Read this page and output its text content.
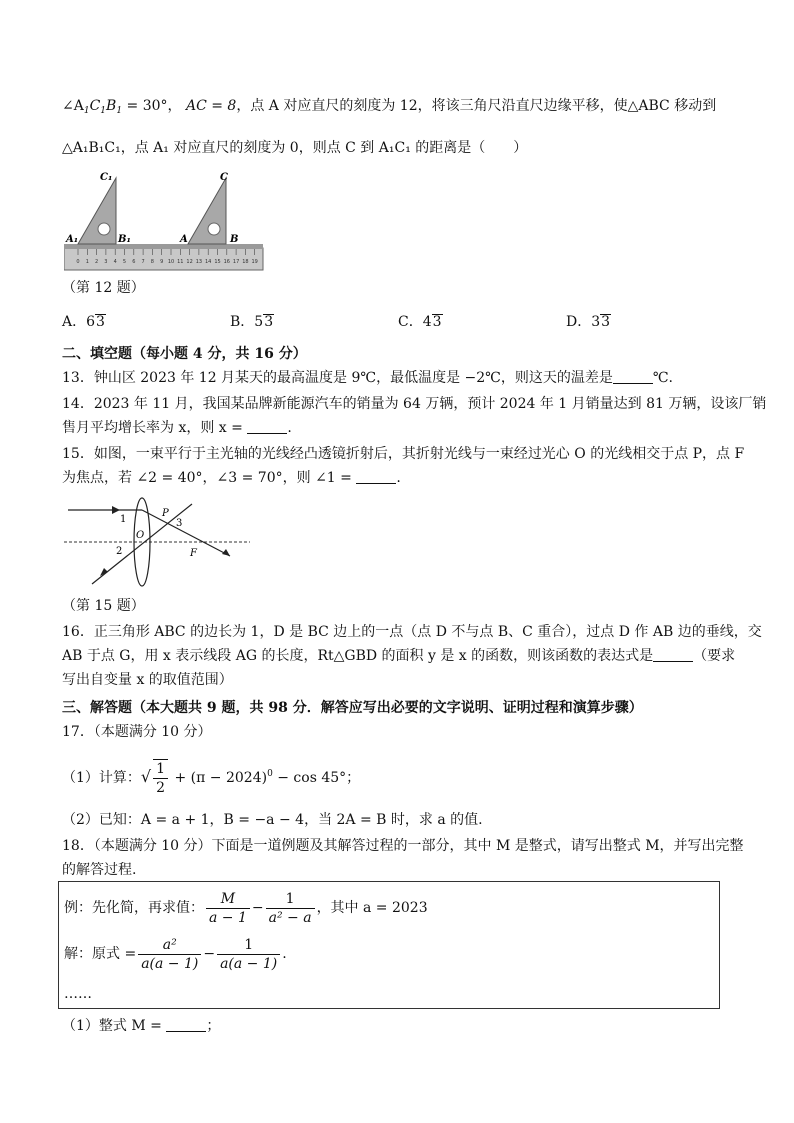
$\angle A_1C_1B_1 = 30^\circ$， AC = 8，点 A 对应直尺的刻度为 12，将该三角尺沿直尺边缘平移，使△ABC 移动到
△A₁B₁C₁，点 A₁ 对应直尺的刻度为 0，则点 C 到 A₁C₁ 的距离是（　　）
0 1 2 3 4 5 6 7 8 9 10 11 12 13 14 15 16 17 18 19
C₁
A₁	B₁
C
A	B
（第 12 题）
A．63	B．53	C．43	D．33
二、填空题（每小题 4 分，共 16 分）
13．钟山区 2023 年 12 月某天的最高温度是 9℃，最低温度是 −2℃，则这天的温差是	℃.
14．2023 年 11 月，我国某品牌新能源汽车的销量为 64 万辆，预计 2024 年 1 月销量达到 81 万辆，设该厂销
售月平均增长率为 x，则 x =	.
15．如图，一束平行于主光轴的光线经凸透镜折射后，其折射光线与一束经过光心 O 的光线相交于点 P，点 F
为焦点，若 ∠2 = 40°，∠3 = 70°，则 ∠1 =	.
1
2
3
O
P
F
（第 15 题）
16．正三角形 ABC 的边长为 1，D 是 BC 边上的一点（点 D 不与点 B、C 重合），过点 D 作 AB 边的垂线，交
AB 于点 G，用 x 表示线段 AG 的长度，Rt△GBD 的面积 y 是 x 的函数，则该函数的表达式是	（要求
写出自变量 x 的取值范围）
三、解答题（本大题共 9 题，共 98 分．解答应写出必要的文字说明、证明过程和演算步骤）
17．（本题满分 10 分）
（1）计算：√ $\frac{1}{2} + (\pi - 2024)^0 - \cos 45^\circ$；
（2）已知：A = a + 1，B = −a − 4，当 2A = B 时，求 a 的值.
18．（本题满分 10 分）下面是一道例题及其解答过程的一部分，其中 M 是整式，请写出整式 M，并写出完整
的解答过程.
例：先化简，再求值： $\frac{M}{a - 1} - \frac{1}{\text{a² − a}}$ ，其中 a = 2023
解：原式 = $\frac{\text{a²}}{a(a - 1)} - \frac{1}{a(a - 1)}$ .
……
（1）整式 M =	；
